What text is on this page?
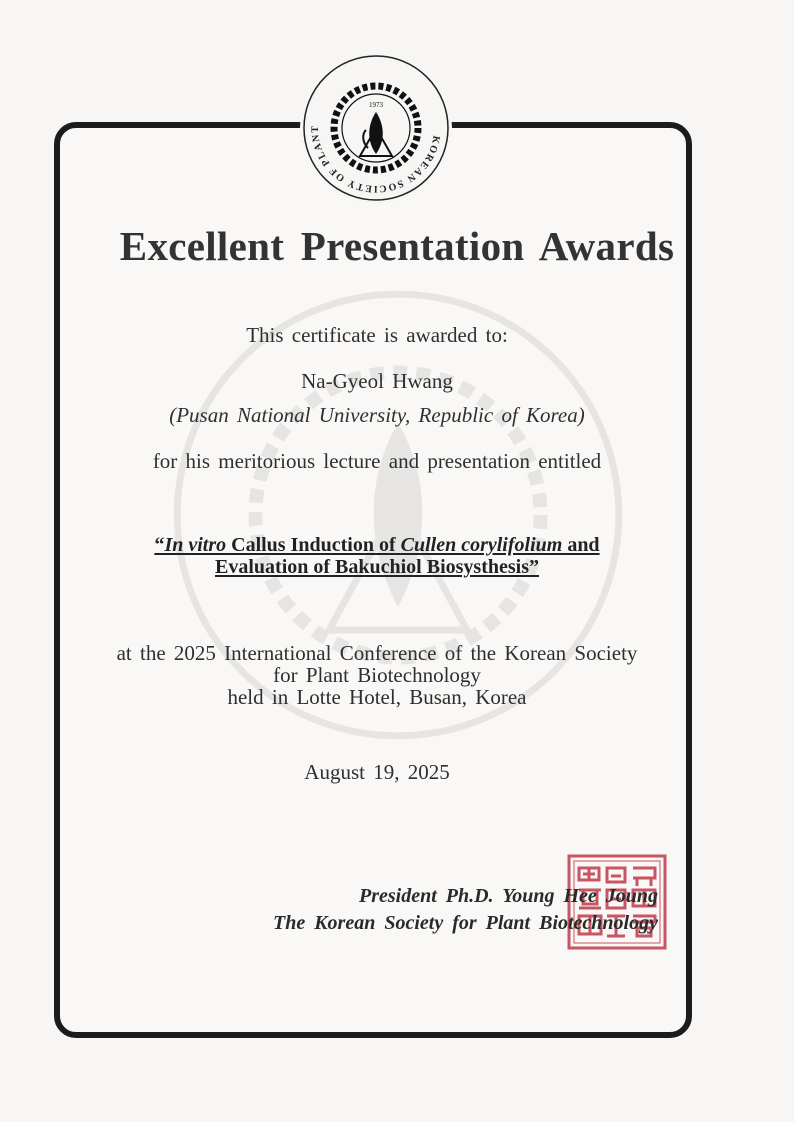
KOREAN SOCIETY OF PLANT
1973
Excellent Presentation Awards
This certificate is awarded to:
Na-Gyeol Hwang
(Pusan National University, Republic of Korea)
for his meritorious lecture and presentation entitled
“In vitro Callus Induction of Cullen corylifolium and
Evaluation of Bakuchiol Biosysthesis”
at the 2025 International Conference of the Korean Society
for Plant Biotechnology
held in Lotte Hotel, Busan, Korea
August 19, 2025
President Ph.D. Young Hee Joung
The Korean Society for Plant Biotechnology
